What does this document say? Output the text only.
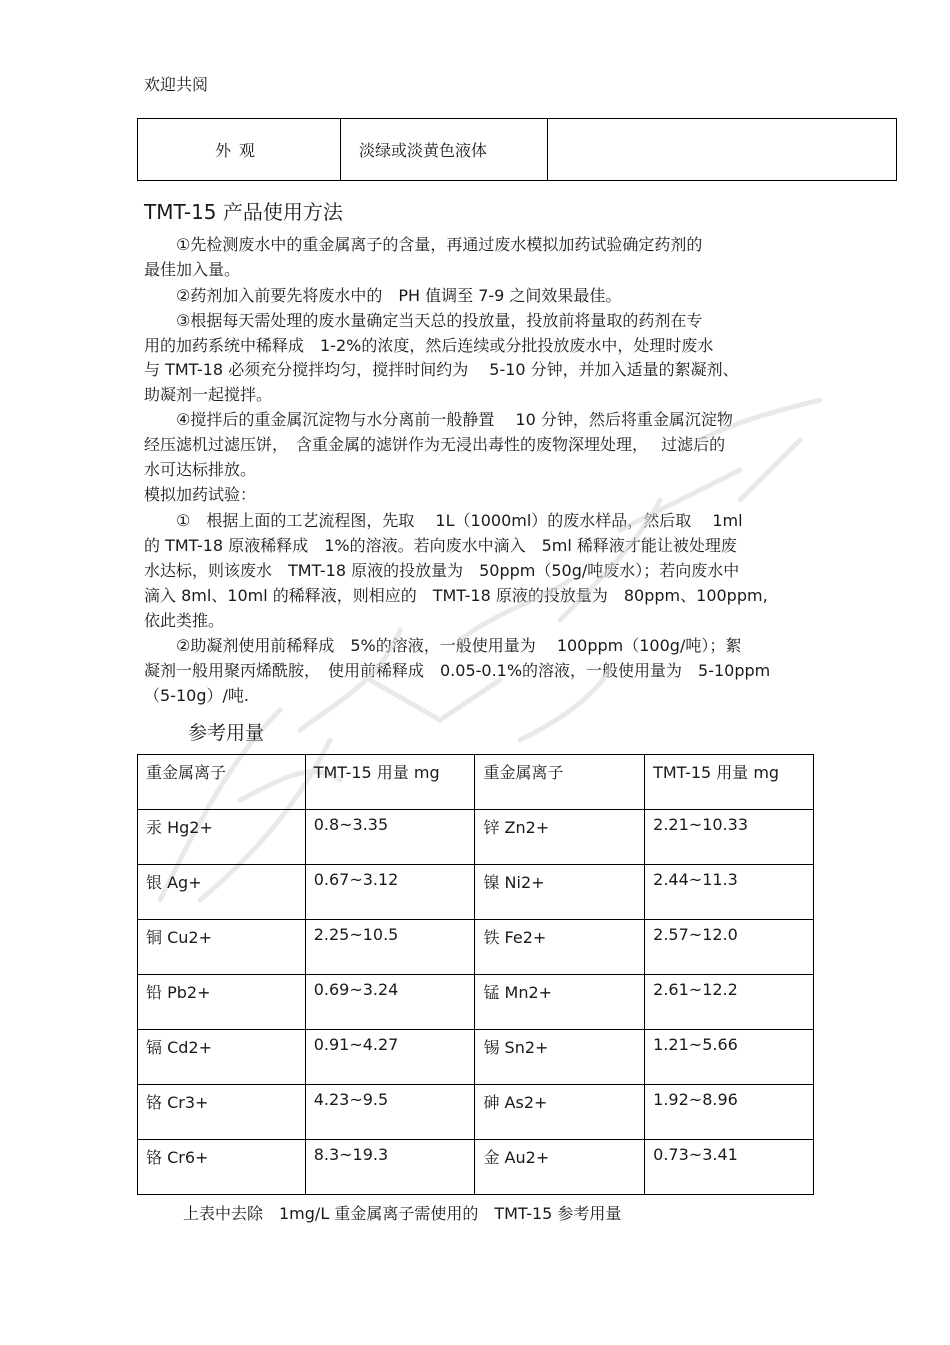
欢迎共阅
外观	淡绿或淡黄色液体	
TMT-15 产品使用方法
　　①先检测废水中的重金属离子的含量，再通过废水模拟加药试验确定药剂的
最佳加入量。
　　②药剂加入前要先将废水中的　PH 值调至 7-9 之间效果最佳。
　　③根据每天需处理的废水量确定当天总的投放量，投放前将量取的药剂在专
用的加药系统中稀释成　1-2%的浓度，然后连续或分批投放废水中，处理时废水
与 TMT-18 必须充分搅拌均匀，搅拌时间约为　 5-10 分钟，并加入适量的絮凝剂、
助凝剂一起搅拌。
　　④搅拌后的重金属沉淀物与水分离前一般静置　 10 分钟，然后将重金属沉淀物
经压滤机过滤压饼，　含重金属的滤饼作为无浸出毒性的废物深埋处理，　 过滤后的
水可达标排放。
模拟加药试验：
　　①　根据上面的工艺流程图，先取　 1L（1000ml）的废水样品，然后取　 1ml
的 TMT-18 原液稀释成　1%的溶液。若向废水中滴入　5ml 稀释液才能让被处理废
水达标，则该废水　TMT-18 原液的投放量为　50ppm（50g/吨废水）；若向废水中
滴入 8ml、10ml 的稀释液，则相应的　TMT-18 原液的投放量为　80ppm、100ppm,
依此类推。
　　②助凝剂使用前稀释成　5%的溶液，一般使用量为　 100ppm（100g/吨）；絮
凝剂一般用聚丙烯酰胺，　使用前稀释成　0.05-0.1%的溶液，一般使用量为　5-10ppm
（5-10g）/吨.
参考用量
重金属离子	TMT-15 用量 mg	重金属离子	TMT-15 用量 mg
汞 Hg2+	0.8~3.35	锌 Zn2+	2.21~10.33
银 Ag+	0.67~3.12	镍 Ni2+	2.44~11.3
铜 Cu2+	2.25~10.5	铁 Fe2+	2.57~12.0
铅 Pb2+	0.69~3.24	锰 Mn2+	2.61~12.2
镉 Cd2+	0.91~4.27	锡 Sn2+	1.21~5.66
铬 Cr3+	4.23~9.5	砷 As2+	1.92~8.96
铬 Cr6+	8.3~19.3	金 Au2+	0.73~3.41
上表中去除　1mg/L 重金属离子需使用的　TMT-15 参考用量
